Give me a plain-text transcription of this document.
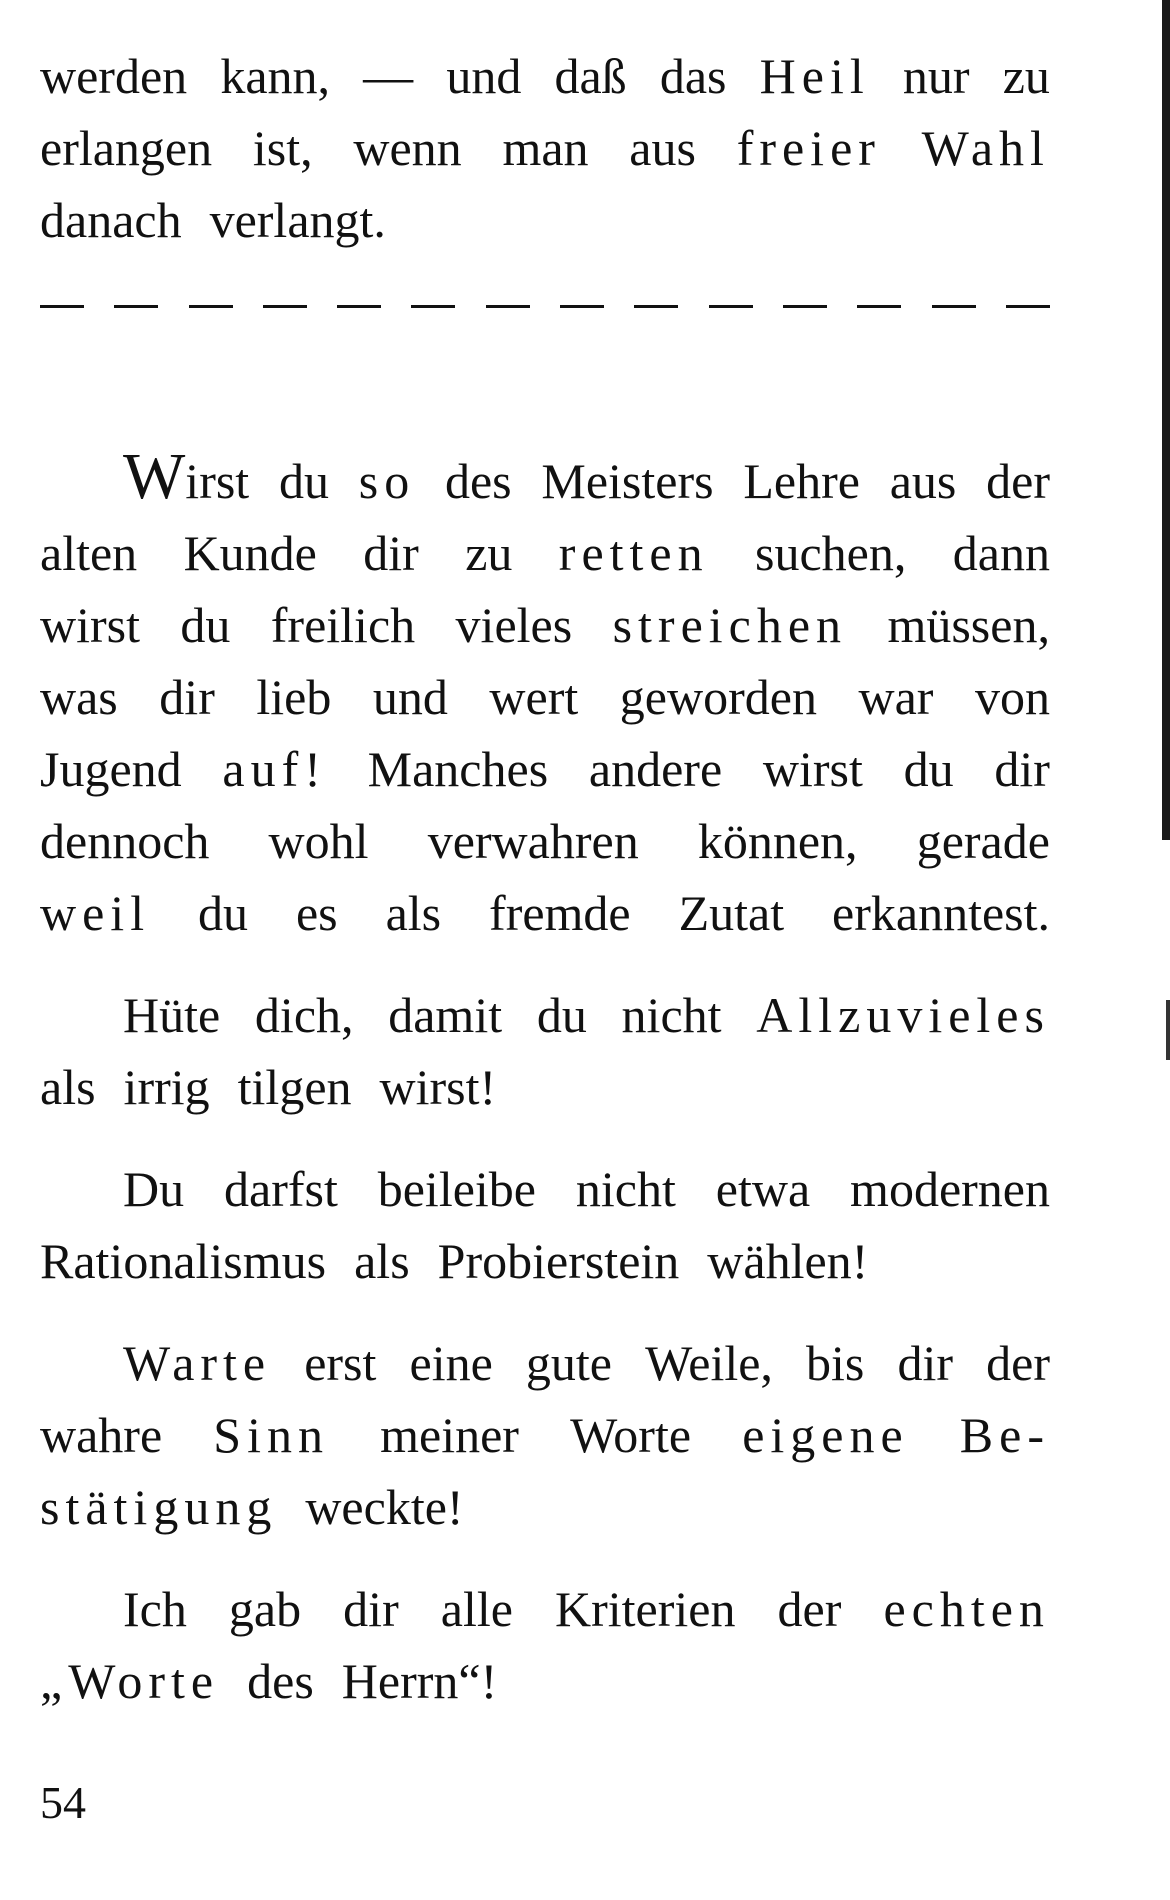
werden kann, — und daß das Heil nur zu
erlangen ist, wenn man aus freier Wahl
danach verlangt.
Wirst du so des Meisters Lehre aus der
alten Kunde dir zu retten suchen, dann
wirst du freilich vieles streichen müssen,
was dir lieb und wert geworden war von
Jugend auf! Manches andere wirst du dir
dennoch wohl verwahren können, gerade
weil du es als fremde Zutat erkanntest.
Hüte dich, damit du nicht Allzuvieles
als irrig tilgen wirst!
Du darfst beileibe nicht etwa modernen
Rationalismus als Probierstein wählen!
Warte erst eine gute Weile, bis dir der
wahre Sinn meiner Worte eigene Be-
stätigung weckte!
Ich gab dir alle Kriterien der echten
„Worte des Herrn“!
54
